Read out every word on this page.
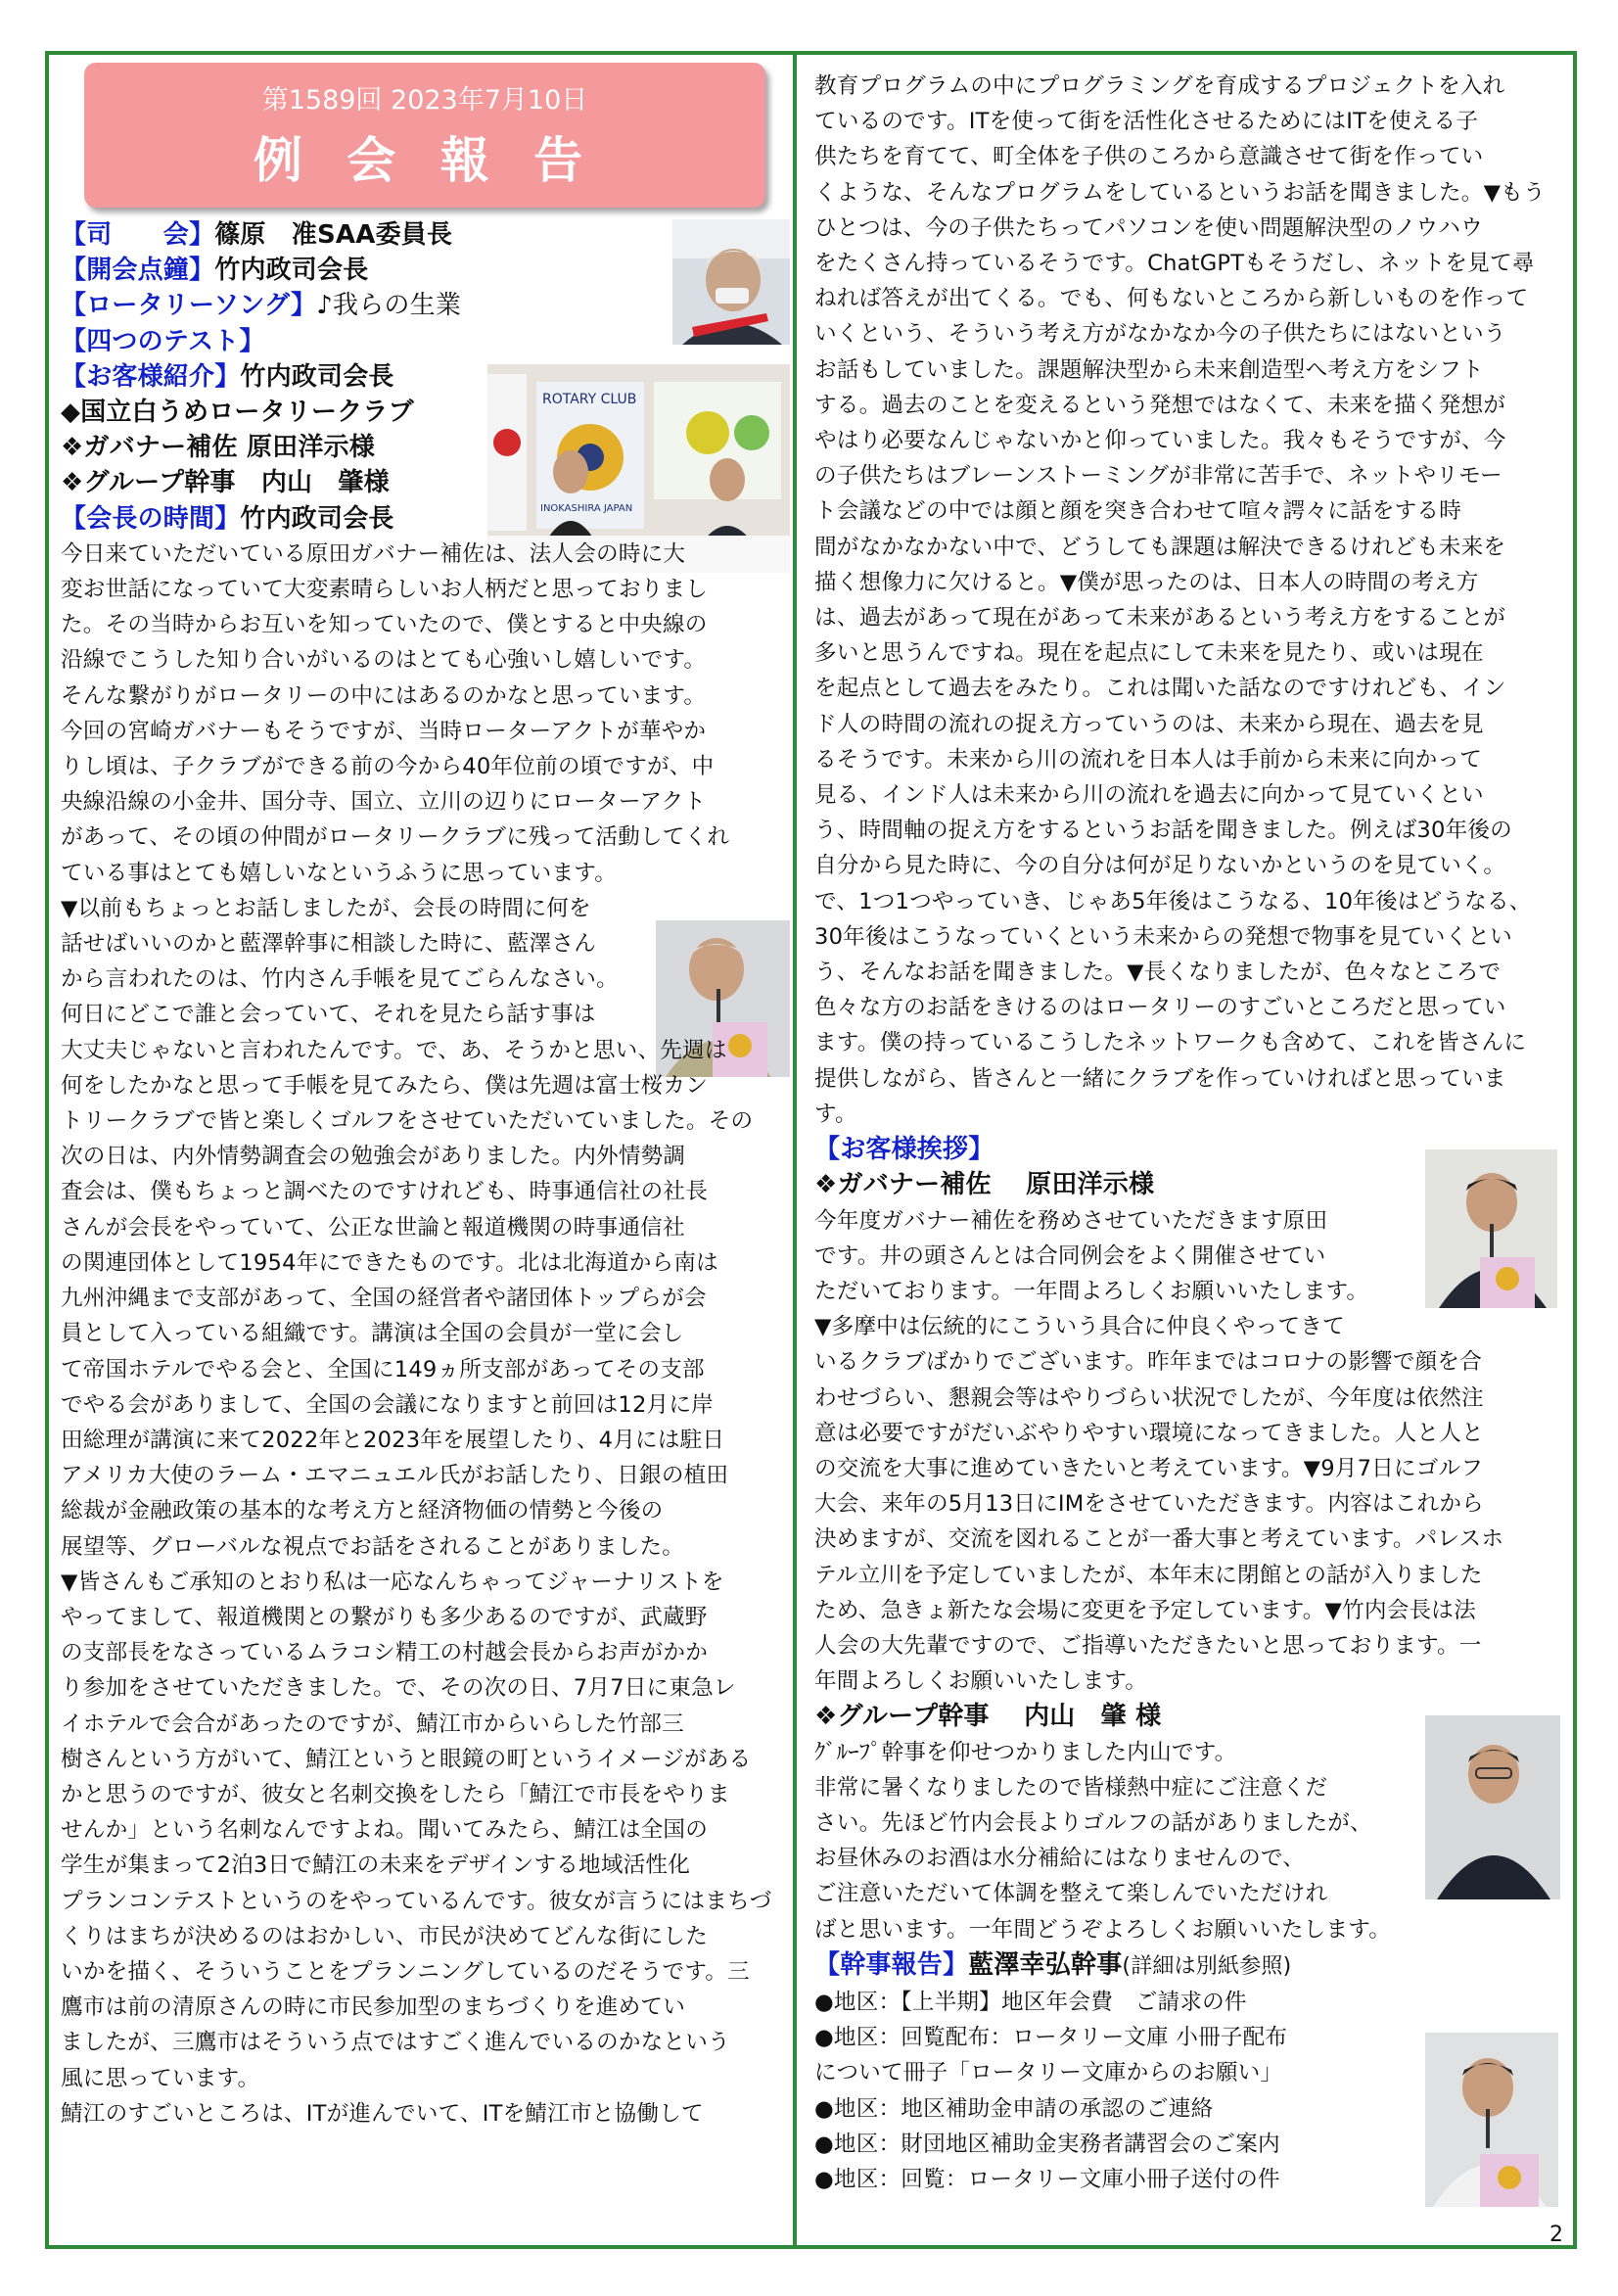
第1589回 2023年7月10日
例 会 報 告
ROTARY CLUB
INOKASHIRA JAPAN

【司　　会】篠原　准SAA委員長

【開会点鐘】竹内政司会長

【ロータリーソング】♪我らの生業

【四つのテスト】

【お客様紹介】竹内政司会長

◆国立白うめロータリークラブ

❖ガバナー補佐 原田洋示様

❖グループ幹事　内山　肇様

【会長の時間】竹内政司会長

今日来ていただいている原田ガバナー補佐は、法人会の時に大
変お世話になっていて大変素晴らしいお人柄だと思っておりまし
た。その当時からお互いを知っていたので、僕とすると中央線の
沿線でこうした知り合いがいるのはとても心強いし嬉しいです。
そんな繋がりがロータリーの中にはあるのかなと思っています。
今回の宮崎ガバナーもそうですが、当時ローターアクトが華やか
りし頃は、子クラブができる前の今から40年位前の頃ですが、中
央線沿線の小金井、国分寺、国立、立川の辺りにローターアクト
があって、その頃の仲間がロータリークラブに残って活動してくれ
ている事はとても嬉しいなというふうに思っています。

▼以前もちょっとお話しましたが、会長の時間に何を
話せばいいのかと藍澤幹事に相談した時に、藍澤さん
から言われたのは、竹内さん手帳を見てごらんなさい。
何日にどこで誰と会っていて、それを見たら話す事は
大丈夫じゃないと言われたんです。で、あ、そうかと思い、先週は
何をしたかなと思って手帳を見てみたら、僕は先週は富士桜カン
トリークラブで皆と楽しくゴルフをさせていただいていました。その
次の日は、内外情勢調査会の勉強会がありました。内外情勢調
査会は、僕もちょっと調べたのですけれども、時事通信社の社長
さんが会長をやっていて、公正な世論と報道機関の時事通信社
の関連団体として1954年にできたものです。北は北海道から南は
九州沖縄まで支部があって、全国の経営者や諸団体トップらが会
員として入っている組織です。講演は全国の会員が一堂に会し
て帝国ホテルでやる会と、全国に149ヵ所支部があってその支部
でやる会がありまして、全国の会議になりますと前回は12月に岸
田総理が講演に来て2022年と2023年を展望したり、4月には駐日
アメリカ大使のラーム・エマニュエル氏がお話したり、日銀の植田
総裁が金融政策の基本的な考え方と経済物価の情勢と今後の
展望等、グローバルな視点でお話をされることがありました。

▼皆さんもご承知のとおり私は一応なんちゃってジャーナリストを
やってまして、報道機関との繋がりも多少あるのですが、武蔵野
の支部長をなさっているムラコシ精工の村越会長からお声がかか
り参加をさせていただきました。で、その次の日、7月7日に東急レ
イホテルで会合があったのですが、鯖江市からいらした竹部三
樹さんという方がいて、鯖江というと眼鏡の町というイメージがある
かと思うのですが、彼女と名刺交換をしたら「鯖江で市長をやりま
せんか」という名刺なんですよね。聞いてみたら、鯖江は全国の
学生が集まって2泊3日で鯖江の未来をデザインする地域活性化
プランコンテストというのをやっているんです。彼女が言うにはまちづ
くりはまちが決めるのはおかしい、市民が決めてどんな街にした
いかを描く、そういうことをプランニングしているのだそうです。三
鷹市は前の清原さんの時に市民参加型のまちづくりを進めてい
ましたが、三鷹市はそういう点ではすごく進んでいるのかなという
風に思っています。
鯖江のすごいところは、ITが進んでいて、ITを鯖江市と協働して

教育プログラムの中にプログラミングを育成するプロジェクトを入れ
ているのです。ITを使って街を活性化させるためにはITを使える子
供たちを育てて、町全体を子供のころから意識させて街を作ってい
くような、そんなプログラムをしているというお話を聞きました。▼もう
ひとつは、今の子供たちってパソコンを使い問題解決型のノウハウ
をたくさん持っているそうです。ChatGPTもそうだし、ネットを見て尋
ねれば答えが出てくる。でも、何もないところから新しいものを作って
いくという、そういう考え方がなかなか今の子供たちにはないという
お話もしていました。課題解決型から未来創造型へ考え方をシフト
する。過去のことを変えるという発想ではなくて、未来を描く発想が
やはり必要なんじゃないかと仰っていました。我々もそうですが、今
の子供たちはブレーンストーミングが非常に苦手で、ネットやリモー
ト会議などの中では顔と顔を突き合わせて喧々諤々に話をする時
間がなかなかない中で、どうしても課題は解決できるけれども未来を
描く想像力に欠けると。▼僕が思ったのは、日本人の時間の考え方
は、過去があって現在があって未来があるという考え方をすることが
多いと思うんですね。現在を起点にして未来を見たり、或いは現在
を起点として過去をみたり。これは聞いた話なのですけれども、イン
ド人の時間の流れの捉え方っていうのは、未来から現在、過去を見
るそうです。未来から川の流れを日本人は手前から未来に向かって
見る、インド人は未来から川の流れを過去に向かって見ていくとい
う、時間軸の捉え方をするというお話を聞きました。例えば30年後の
自分から見た時に、今の自分は何が足りないかというのを見ていく。
で、1つ1つやっていき、じゃあ5年後はこうなる、10年後はどうなる、
30年後はこうなっていくという未来からの発想で物事を見ていくとい
う、そんなお話を聞きました。▼長くなりましたが、色々なところで
色々な方のお話をきけるのはロータリーのすごいところだと思ってい
ます。僕の持っているこうしたネットワークも含めて、これを皆さんに
提供しながら、皆さんと一緒にクラブを作っていければと思っていま
す。

【お客様挨拶】

❖ガバナー補佐　 原田洋示様

今年度ガバナー補佐を務めさせていただきます原田
です。井の頭さんとは合同例会をよく開催させてい
ただいております。一年間よろしくお願いいたします。
▼多摩中は伝統的にこういう具合に仲良くやってきて
いるクラブばかりでございます。昨年まではコロナの影響で顔を合
わせづらい、懇親会等はやりづらい状況でしたが、今年度は依然注
意は必要ですがだいぶやりやすい環境になってきました。人と人と
の交流を大事に進めていきたいと考えています。▼9月7日にゴルフ
大会、来年の5月13日にIMをさせていただきます。内容はこれから
決めますが、交流を図れることが一番大事と考えています。パレスホ
テル立川を予定していましたが、本年末に閉館との話が入りました
ため、急きょ新たな会場に変更を予定しています。▼竹内会長は法
人会の大先輩ですので、ご指導いただきたいと思っております。一
年間よろしくお願いいたします。

❖グループ幹事　 内山　肇 様

ｸﾞﾙｰﾌﾟ幹事を仰せつかりました内山です。
非常に暑くなりましたので皆様熱中症にご注意くだ
さい。先ほど竹内会長よりゴルフの話がありましたが、
お昼休みのお酒は水分補給にはなりませんので、
ご注意いただいて体調を整えて楽しんでいただけれ
ばと思います。一年間どうぞよろしくお願いいたします。

【幹事報告】藍澤幸弘幹事(詳細は別紙参照)

●地区：【上半期】地区年会費　ご請求の件

●地区：回覧配布：ロータリー文庫 小冊子配布

について冊子「ロータリー文庫からのお願い」

●地区：地区補助金申請の承認のご連絡

●地区：財団地区補助金実務者講習会のご案内

●地区：回覧：ロータリー文庫小冊子送付の件

2
